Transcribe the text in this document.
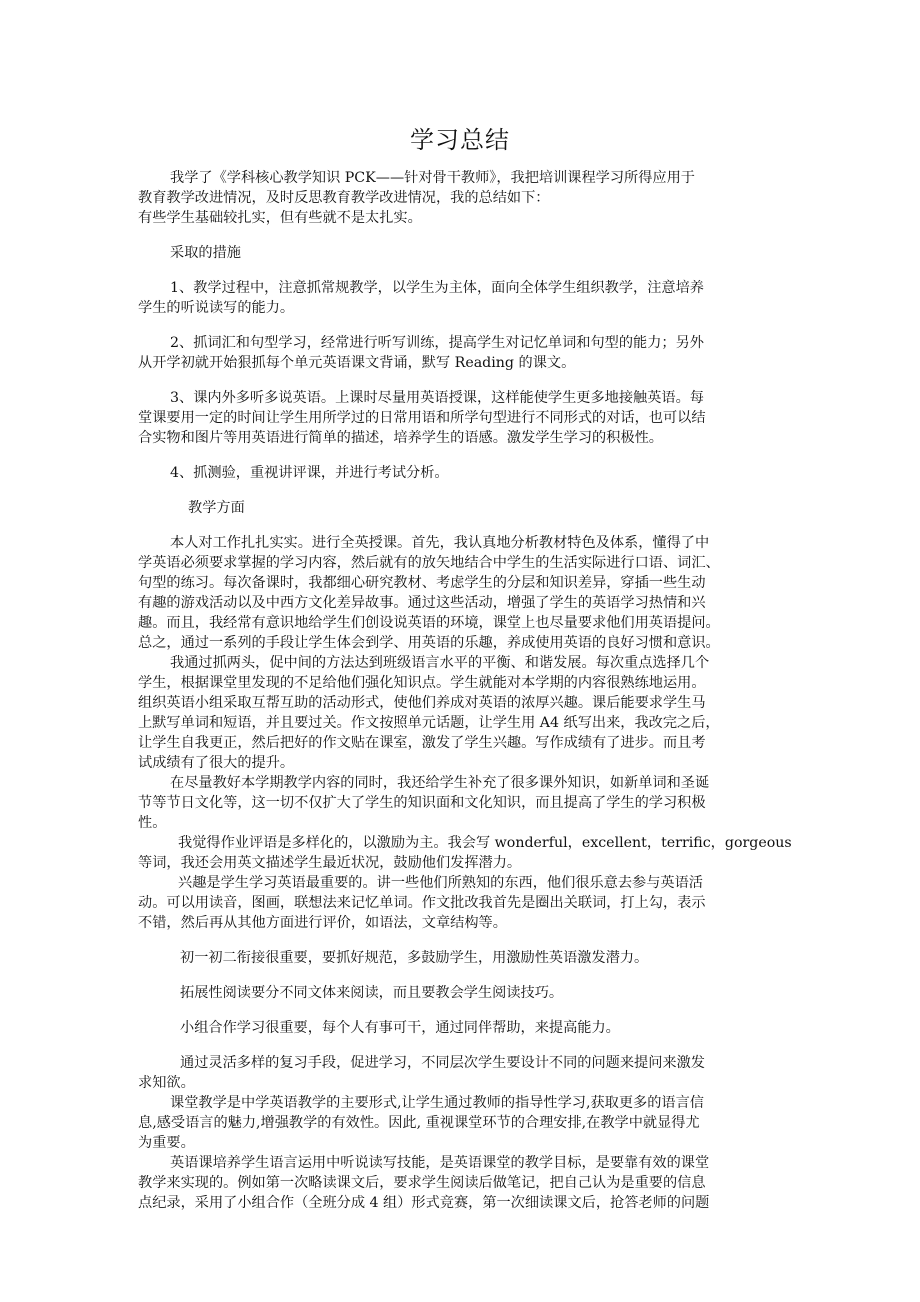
学习总结
我学了《学科核心教学知识 PCK——针对骨干教师》，我把培训课程学习所得应用于
教育教学改进情况，及时反思教育教学改进情况，我的总结如下：
有些学生基础较扎实，但有些就不是太扎实。
采取的措施
1、教学过程中，注意抓常规教学，以学生为主体，面向全体学生组织教学，注意培养
学生的听说读写的能力。
2、抓词汇和句型学习，经常进行听写训练，提高学生对记忆单词和句型的能力；另外
从开学初就开始狠抓每个单元英语课文背诵，默写 Reading 的课文。
3、课内外多听多说英语。上课时尽量用英语授课，这样能使学生更多地接触英语。每
堂课要用一定的时间让学生用所学过的日常用语和所学句型进行不同形式的对话，也可以结
合实物和图片等用英语进行简单的描述，培养学生的语感。激发学生学习的积极性。
4、抓测验，重视讲评课，并进行考试分析。
教学方面
本人对工作扎扎实实。进行全英授课。首先，我认真地分析教材特色及体系，懂得了中
学英语必须要求掌握的学习内容，然后就有的放矢地结合中学生的生活实际进行口语、词汇、
句型的练习。每次备课时，我都细心研究教材、考虑学生的分层和知识差异，穿插一些生动
有趣的游戏活动以及中西方文化差异故事。通过这些活动，增强了学生的英语学习热情和兴
趣。而且，我经常有意识地给学生们创设说英语的环境，课堂上也尽量要求他们用英语提问。
总之，通过一系列的手段让学生体会到学、用英语的乐趣，养成使用英语的良好习惯和意识。
我通过抓两头，促中间的方法达到班级语言水平的平衡、和谐发展。每次重点选择几个
学生，根据课堂里发现的不足给他们强化知识点。学生就能对本学期的内容很熟练地运用。
组织英语小组采取互帮互助的活动形式，使他们养成对英语的浓厚兴趣。课后能要求学生马
上默写单词和短语，并且要过关。作文按照单元话题，让学生用 A4 纸写出来，我改完之后，
让学生自我更正，然后把好的作文贴在课室，激发了学生兴趣。写作成绩有了进步。而且考
试成绩有了很大的提升。
在尽量教好本学期教学内容的同时，我还给学生补充了很多课外知识，如新单词和圣诞
节等节日文化等，这一切不仅扩大了学生的知识面和文化知识，而且提高了学生的学习积极
性。
我觉得作业评语是多样化的，以激励为主。我会写 wonderful，excellent，terrific，gorgeous
等词，我还会用英文描述学生最近状况，鼓励他们发挥潜力。
兴趣是学生学习英语最重要的。讲一些他们所熟知的东西，他们很乐意去参与英语活
动。可以用读音，图画，联想法来记忆单词。作文批改我首先是圈出关联词，打上勾，表示
不错，然后再从其他方面进行评价，如语法，文章结构等。
初一初二衔接很重要，要抓好规范，多鼓励学生，用激励性英语激发潜力。
拓展性阅读要分不同文体来阅读，而且要教会学生阅读技巧。
小组合作学习很重要，每个人有事可干，通过同伴帮助，来提高能力。
通过灵活多样的复习手段，促进学习，不同层次学生要设计不同的问题来提问来激发
求知欲。
课堂教学是中学英语教学的主要形式,让学生通过教师的指导性学习,获取更多的语言信
息,感受语言的魅力,增强教学的有效性。因此, 重视课堂环节的合理安排,在教学中就显得尤
为重要。
英语课培养学生语言运用中听说读写技能，是英语课堂的教学目标，是要靠有效的课堂
教学来实现的。例如第一次略读课文后，要求学生阅读后做笔记，把自己认为是重要的信息
点纪录，采用了小组合作（全班分成 4 组）形式竞赛，第一次细读课文后，抢答老师的问题
